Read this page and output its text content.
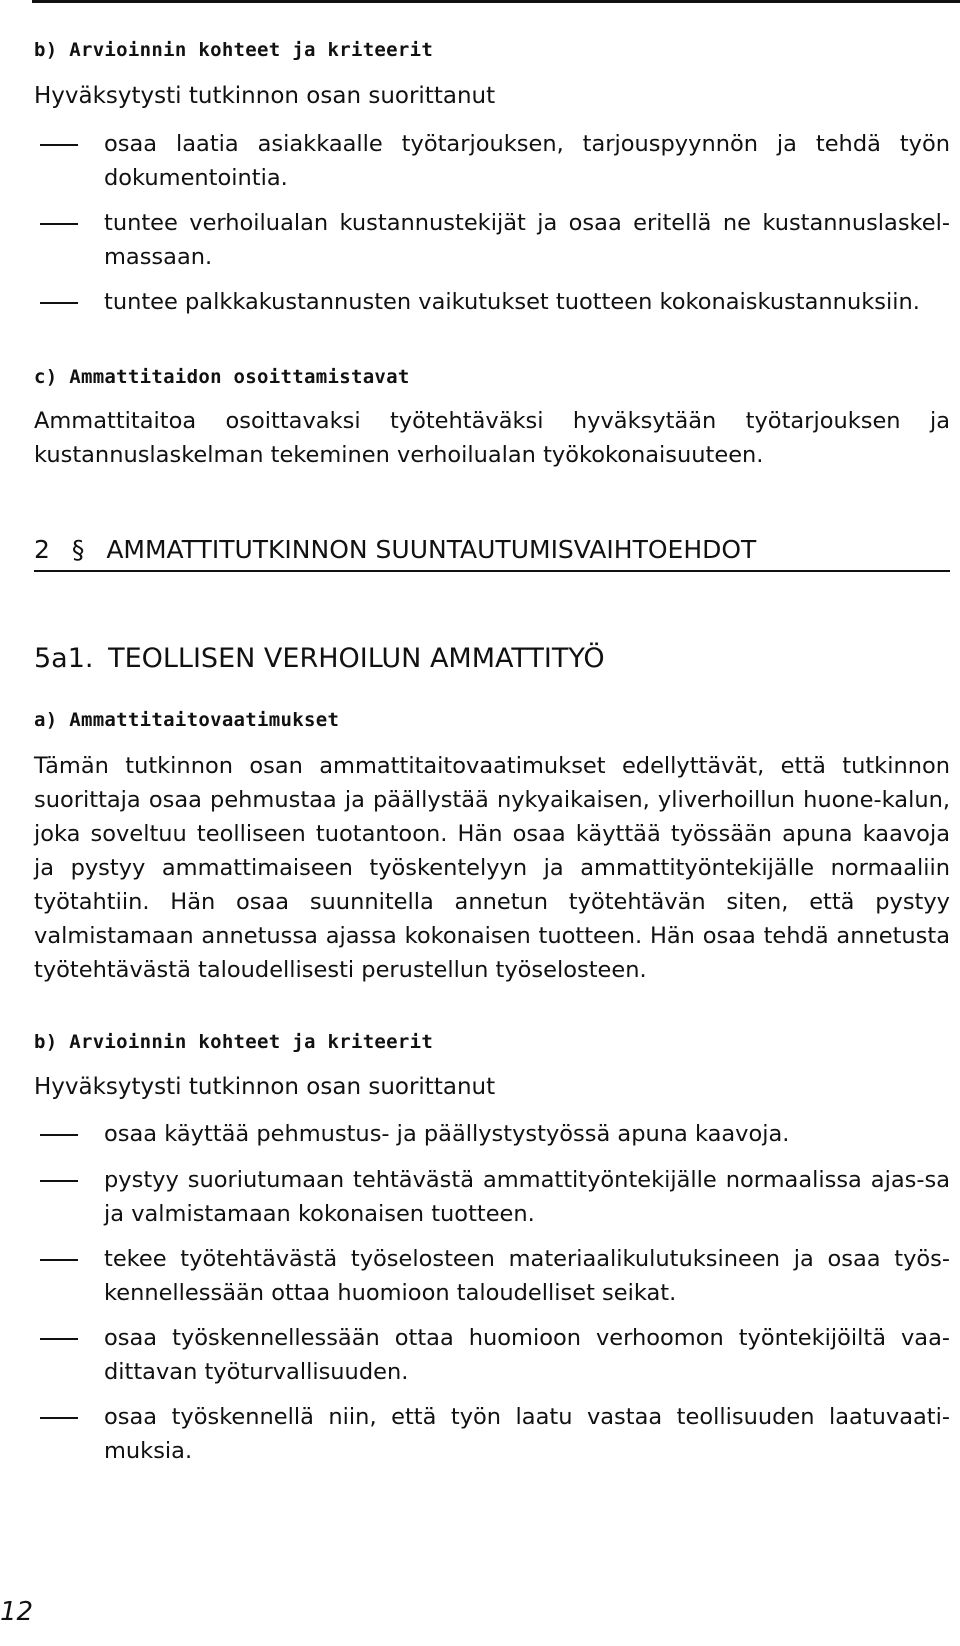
b) Arvioinnin kohteet ja kriteerit

Hyväksytysti tutkinnon osan suorittanut

osaa laatia asiakkaalle työtarjouksen, tarjouspyynnön ja tehdä työn dokumentointia.
tuntee verhoilualan kustannustekijät ja osaa eritellä ne kustannuslaskel-massaan.
tuntee palkkakustannusten vaikutukset tuotteen kokonaiskustannuksiin.

c) Ammattitaidon osoittamistavat

Ammattitaitoa osoittavaksi työtehtäväksi hyväksytään työtarjouksen ja kustannuslaskelman tekeminen verhoilualan työkokonaisuuteen.

2 § AMMATTITUTKINNON SUUNTAUTUMISVAIHTOEHDOT

5a1. TEOLLISEN VERHOILUN AMMATTITYÖ

a) Ammattitaitovaatimukset

Tämän tutkinnon osan ammattitaitovaatimukset edellyttävät, että tutkinnon suorittaja osaa pehmustaa ja päällystää nykyaikaisen, yliverhoillun huone-kalun, joka soveltuu teolliseen tuotantoon. Hän osaa käyttää työssään apuna kaavoja ja pystyy ammattimaiseen työskentelyyn ja ammattityöntekijälle normaaliin työtahtiin. Hän osaa suunnitella annetun työtehtävän siten, että pystyy valmistamaan annetussa ajassa kokonaisen tuotteen. Hän osaa tehdä annetusta työtehtävästä taloudellisesti perustellun työselosteen.

b) Arvioinnin kohteet ja kriteerit

Hyväksytysti tutkinnon osan suorittanut

osaa käyttää pehmustus- ja päällystystyössä apuna kaavoja.
pystyy suoriutumaan tehtävästä ammattityöntekijälle normaalissa ajas-sa ja valmistamaan kokonaisen tuotteen.
tekee työtehtävästä työselosteen materiaalikulutuksineen ja osaa työs-kennellessään ottaa huomioon taloudelliset seikat.
osaa työskennellessään ottaa huomioon verhoomon työntekijöiltä vaa-dittavan työturvallisuuden.
osaa työskennellä niin, että työn laatu vastaa teollisuuden laatuvaati-muksia.
12
